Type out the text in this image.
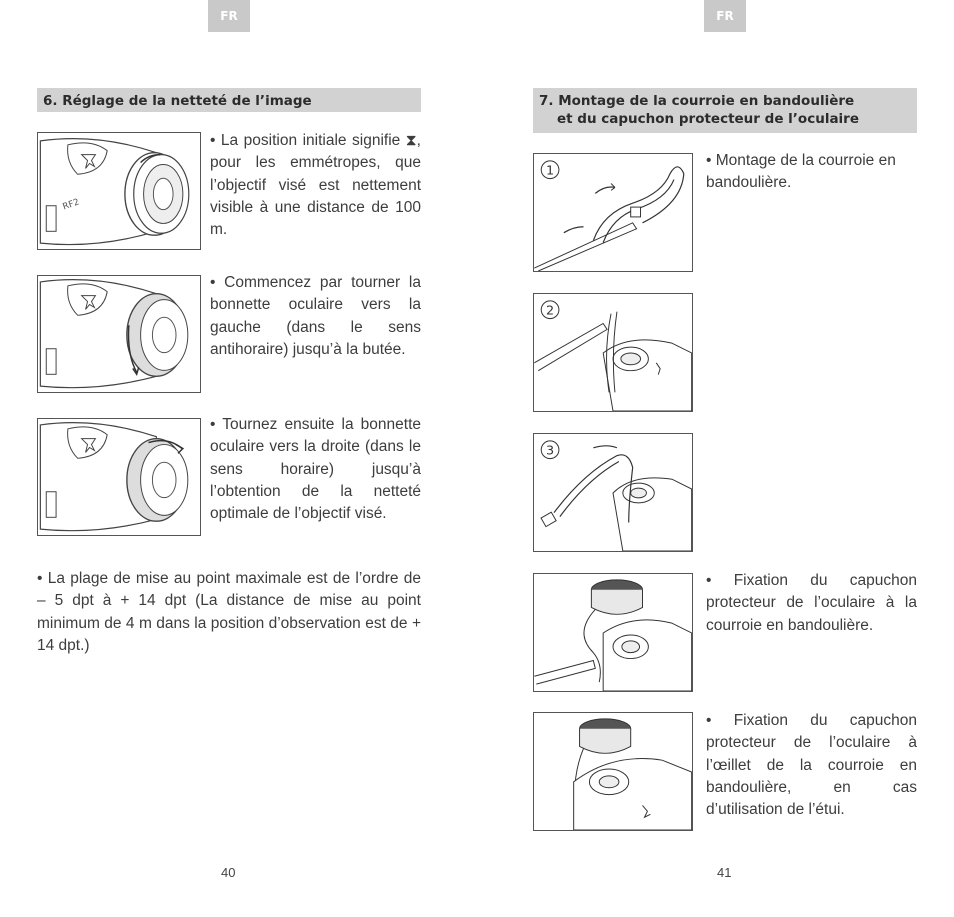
FR
6. Réglage de la netteté de l’image
RF2

• La position initiale signifie ⧗, pour les emmétropes, que l’objectif visé est nettement visible à une distance de 100 m.

• Commencez par tourner la bonnette oculaire vers la gauche (dans le sens antihoraire) jusqu’à la butée.

• Tournez ensuite la bonnette oculaire vers la droite (dans le sens horaire) jusqu’à l’obtention de la netteté optimale de l’objectif visé.

• La plage de mise au point maximale est de l’ordre de – 5 dpt à + 14 dpt (La distance de mise au point minimum de 4 m dans la position d’observation est de + 14 dpt.)

40
FR
7. Montage de la courroie en bandoulière
et du capuchon protecteur de l’oculaire
1

• Montage de la courroie en bandoulière.

2
3

• Fixation du capuchon protecteur de l’oculaire à la courroie en bandoulière.

• Fixation du capuchon protecteur de l’oculaire à l’œillet de la courroie en bandoulière, en cas d’utilisation de l’étui.

41
